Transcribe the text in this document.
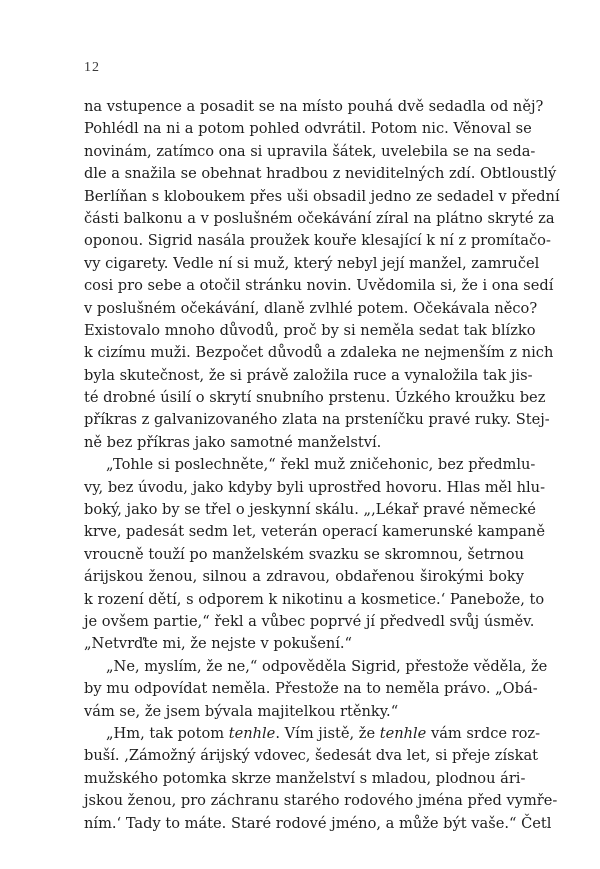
12
na vstupence a posadit se na místo pouhá dvě sedadla od něj?
Pohlédl na ni a potom pohled odvrátil. Potom nic. Věnoval se
novinám, zatímco ona si upravila šátek, uvelebila se na seda-
dle a snažila se obehnat hradbou z neviditelných zdí. Obtloustlý
Berlíňan s kloboukem přes uši obsadil jedno ze sedadel v přední
části balkonu a v poslušném očekávání zíral na plátno skryté za
oponou. Sigrid nasála proužek kouře klesající k ní z promítačo-
vy cigarety. Vedle ní si muž, který nebyl její manžel, zamručel
cosi pro sebe a otočil stránku novin. Uvědomila si, že i ona sedí
v poslušném očekávání, dlaně zvlhlé potem. Očekávala něco?
Existovalo mnoho důvodů, proč by si neměla sedat tak blízko
k cizímu muži. Bezpočet důvodů a zdaleka ne nejmenším z nich
byla skutečnost, že si právě založila ruce a vynaložila tak jis-
té drobné úsilí o skrytí snubního prstenu. Úzkého kroužku bez
příkras z galvanizovaného zlata na prsteníčku pravé ruky. Stej-
ně bez příkras jako samotné manželství.
„Tohle si poslechněte,“ řekl muž zničehonic, bez předmlu-
vy, bez úvodu, jako kdyby byli uprostřed hovoru. Hlas měl hlu-
boký, jako by se třel o jeskynní skálu. „‚Lékař pravé německé
krve, padesát sedm let, veterán operací kamerunské kampaně
vroucně touží po manželském svazku se skromnou, šetrnou
árijskou ženou, silnou a zdravou, obdařenou širokými boky
k rození dětí, s odporem k nikotinu a kosmetice.‘ Panebože, to
je ovšem partie,“ řekl a vůbec poprvé jí předvedl svůj úsměv.
„Netvrďte mi, že nejste v pokušení.“
„Ne, myslím, že ne,“ odpověděla Sigrid, přestože věděla, že
by mu odpovídat neměla. Přestože na to neměla právo. „Obá-
vám se, že jsem bývala majitelkou rtěnky.“
„Hm, tak potom tenhle. Vím jistě, že tenhle vám srdce roz-
buší. ‚Zámožný árijský vdovec, šedesát dva let, si přeje získat
mužského potomka skrze manželství s mladou, plodnou ári-
jskou ženou, pro záchranu starého rodového jména před vymře-
ním.‘ Tady to máte. Staré rodové jméno, a může být vaše.“ Četl
